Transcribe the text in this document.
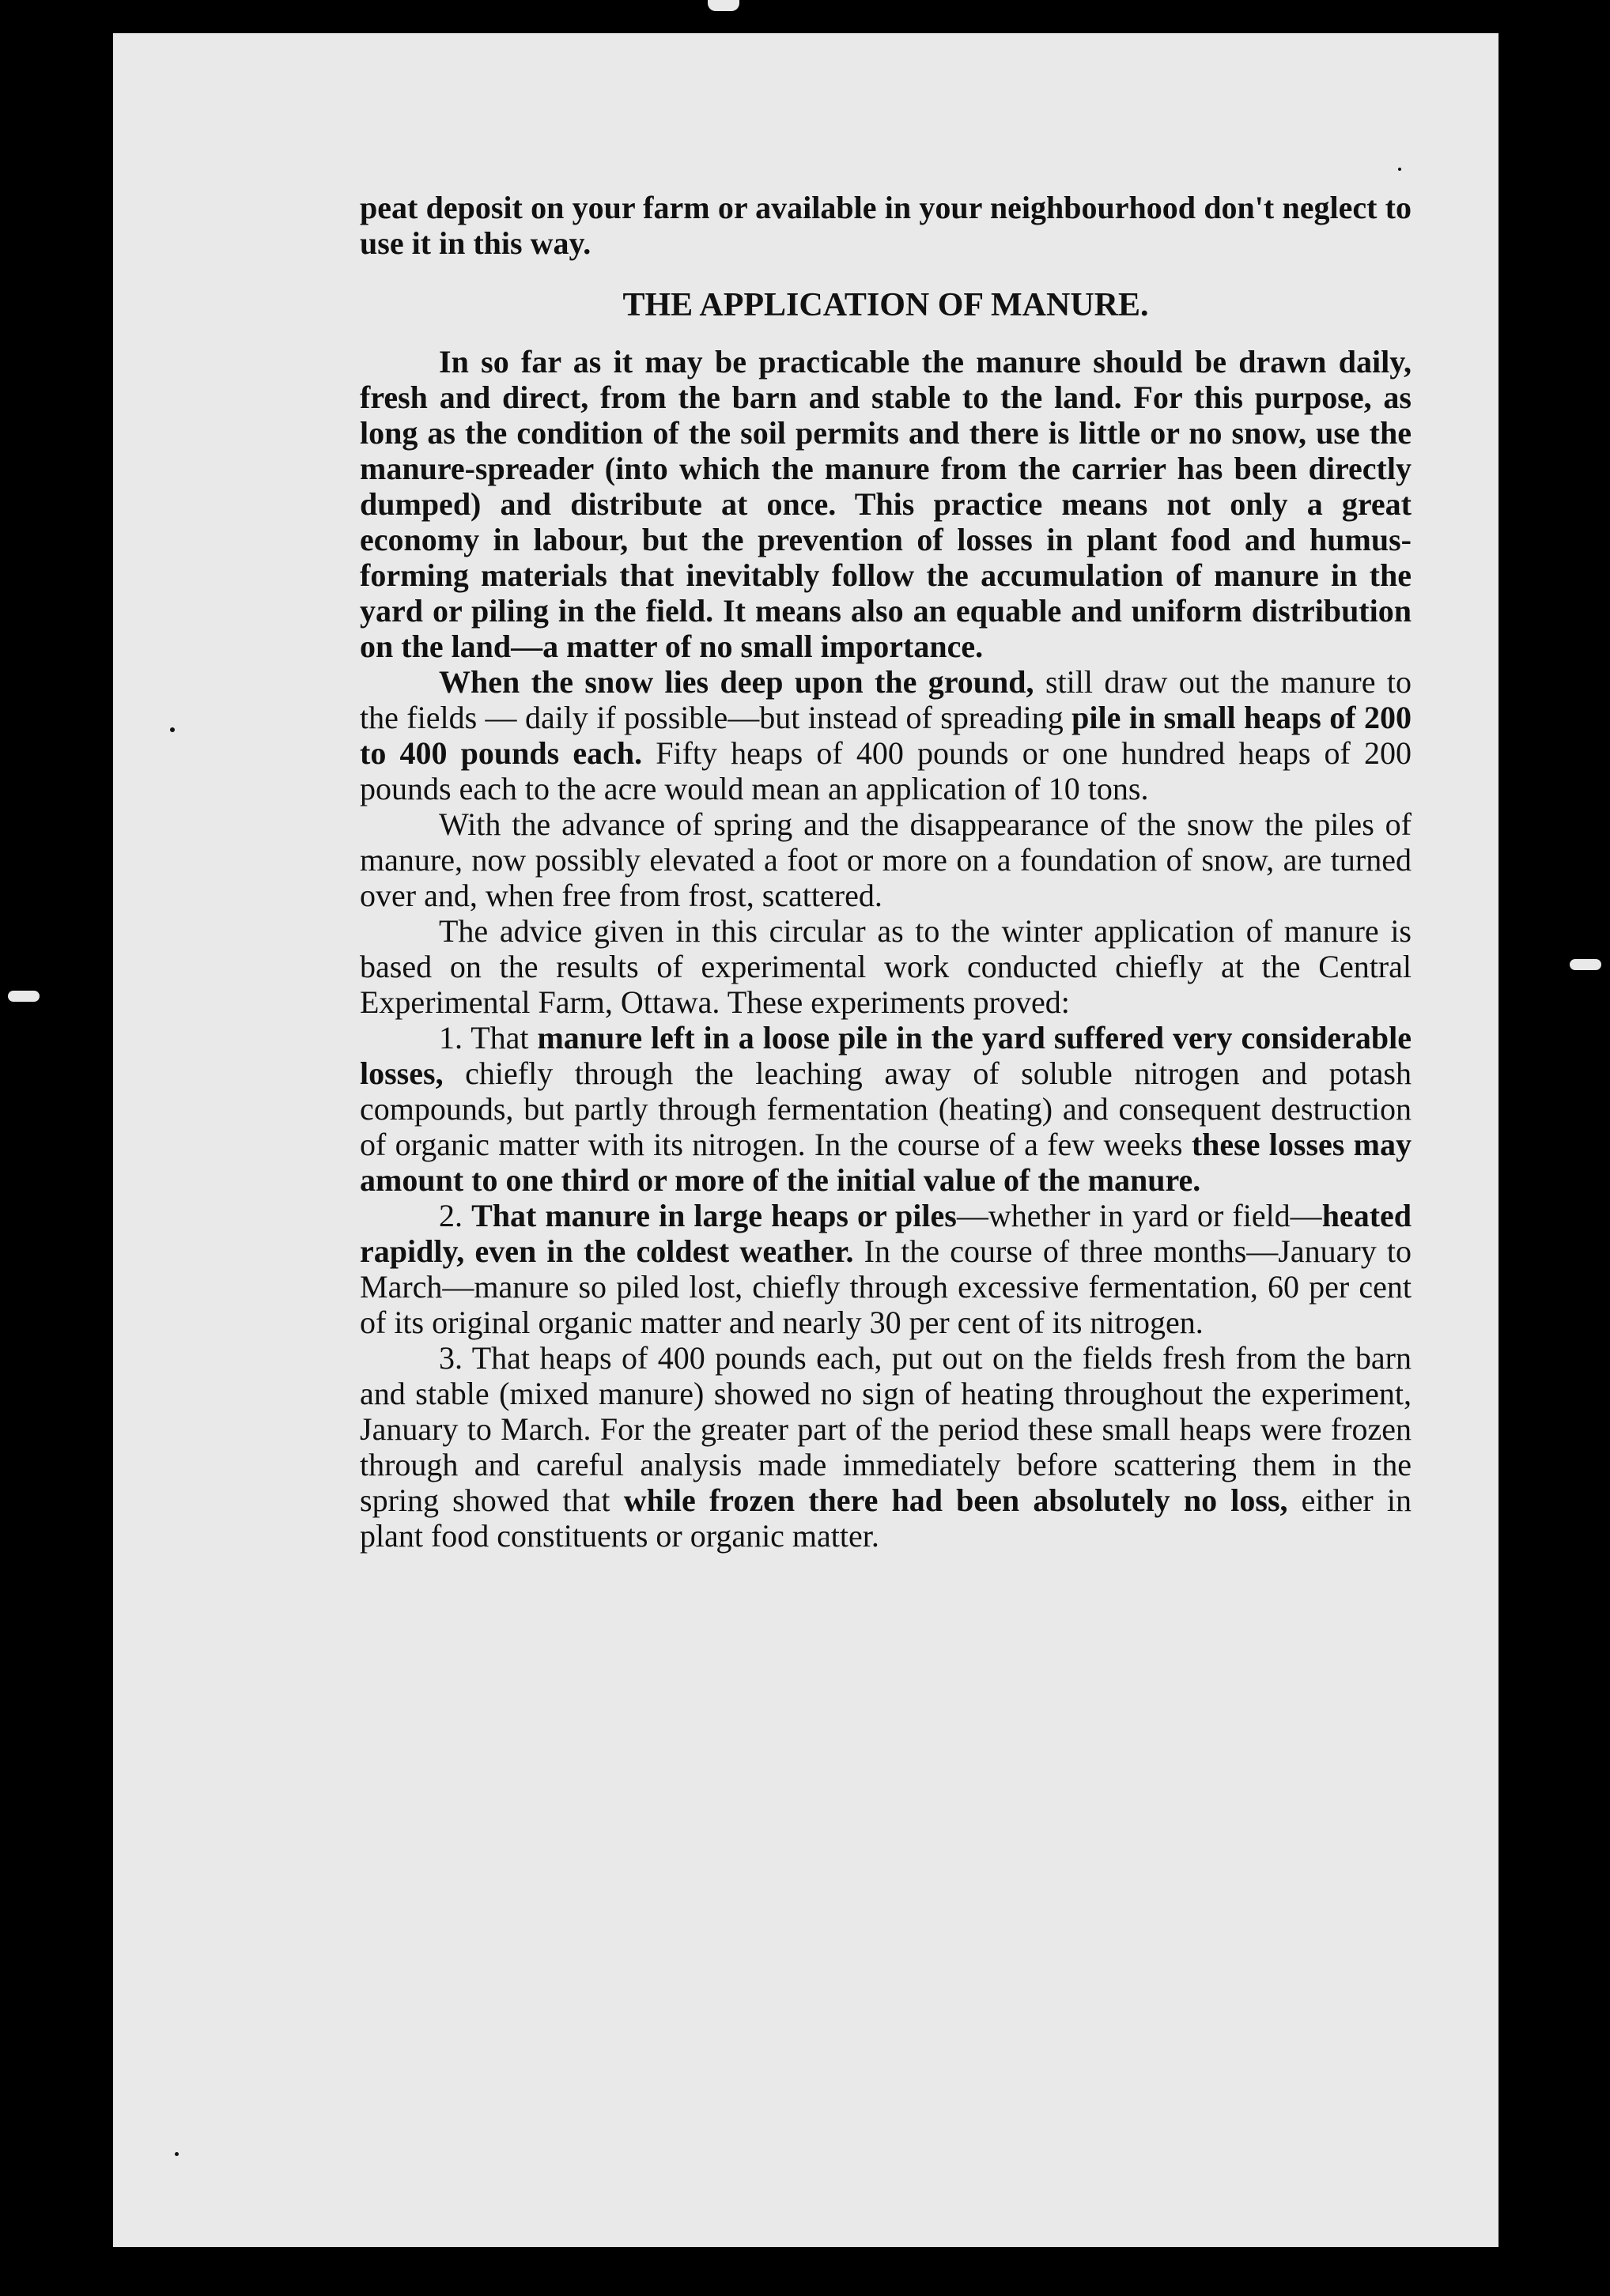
peat deposit on your farm or available in your neighbourhood don't neglect to use it in this way.

THE APPLICATION OF MANURE.

In so far as it may be practicable the manure should be drawn daily, fresh and direct, from the barn and stable to the land. For this purpose, as long as the condition of the soil permits and there is little or no snow, use the manure-spreader (into which the manure from the carrier has been directly dumped) and distribute at once. This practice means not only a great economy in labour, but the prevention of losses in plant food and humus-forming materials that inevitably follow the accumulation of manure in the yard or piling in the field. It means also an equable and uniform distribution on the land—a matter of no small importance.

When the snow lies deep upon the ground, still draw out the manure to the fields — daily if possible—but instead of spreading pile in small heaps of 200 to 400 pounds each. Fifty heaps of 400 pounds or one hundred heaps of 200 pounds each to the acre would mean an application of 10 tons.

With the advance of spring and the disappearance of the snow the piles of manure, now possibly elevated a foot or more on a foundation of snow, are turned over and, when free from frost, scattered.

The advice given in this circular as to the winter application of manure is based on the results of experimental work conducted chiefly at the Central Experimental Farm, Ottawa. These experiments proved:

1. That manure left in a loose pile in the yard suffered very considerable losses, chiefly through the leaching away of soluble nitrogen and potash compounds, but partly through fermentation (heating) and consequent destruction of organic matter with its nitrogen. In the course of a few weeks these losses may amount to one third or more of the initial value of the manure.

2. That manure in large heaps or piles—whether in yard or field—heated rapidly, even in the coldest weather. In the course of three months—January to March—manure so piled lost, chiefly through excessive fermentation, 60 per cent of its original organic matter and nearly 30 per cent of its nitrogen.

3. That heaps of 400 pounds each, put out on the fields fresh from the barn and stable (mixed manure) showed no sign of heating throughout the experiment, January to March. For the greater part of the period these small heaps were frozen through and careful analysis made immediately before scattering them in the spring showed that while frozen there had been absolutely no loss, either in plant food constituents or organic matter.
